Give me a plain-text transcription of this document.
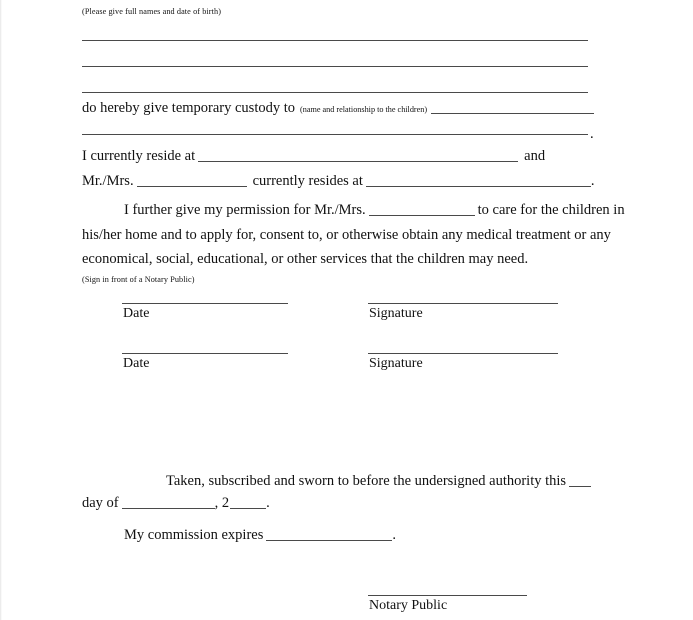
(Please give full names and date of birth)
do hereby give temporary custody to (name and relationship to the children)
.
I currently reside at	and
Mr./Mrs.	currently resides at	.
I further give my permission for Mr./Mrs.	to care for the children in
his/her home and to apply for, consent to, or otherwise obtain any medical treatment or any
economical, social, educational, or other services that the children may need.
(Sign in front of a Notary Public)
Date	Signature
Date	Signature
Taken, subscribed and sworn to before the undersigned authority this
day of	, 2	.
My commission expires	.
Notary Public
